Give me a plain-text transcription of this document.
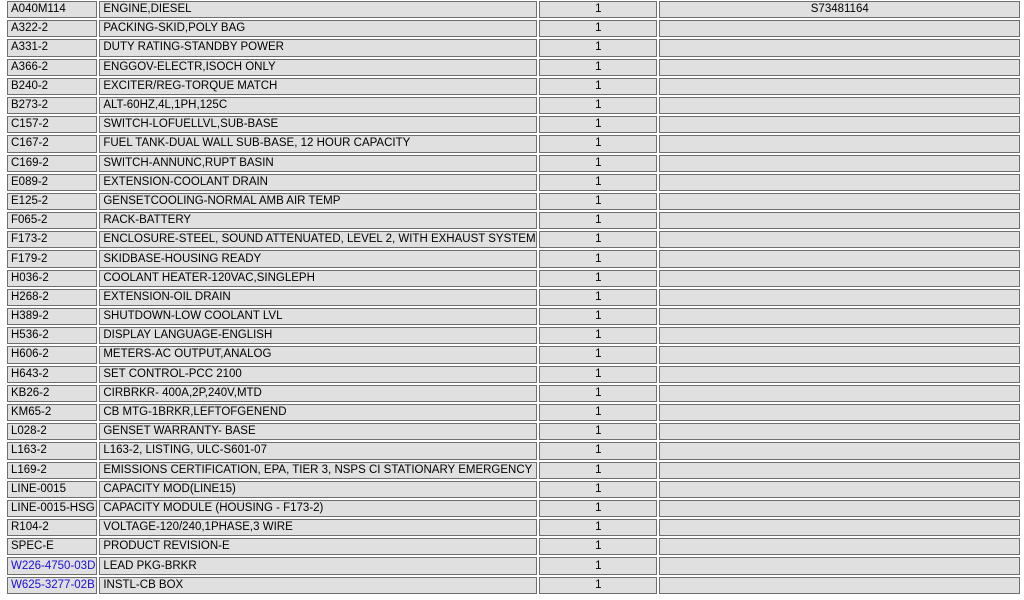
A040M114	ENGINE,DIESEL	1	S73481164
A322-2	PACKING-SKID,POLY BAG	1	
A331-2	DUTY RATING-STANDBY POWER	1	
A366-2	ENGGOV-ELECTR,ISOCH ONLY	1	
B240-2	EXCITER/REG-TORQUE MATCH	1	
B273-2	ALT-60HZ,4L,1PH,125C	1	
C157-2	SWITCH-LOFUELLVL,SUB-BASE	1	
C167-2	FUEL TANK-DUAL WALL SUB-BASE, 12 HOUR CAPACITY	1	
C169-2	SWITCH-ANNUNC,RUPT BASIN	1	
E089-2	EXTENSION-COOLANT DRAIN	1	
E125-2	GENSETCOOLING-NORMAL AMB AIR TEMP	1	
F065-2	RACK-BATTERY	1	
F173-2	ENCLOSURE-STEEL, SOUND ATTENUATED, LEVEL 2, WITH EXHAUST SYSTEM	1	
F179-2	SKIDBASE-HOUSING READY	1	
H036-2	COOLANT HEATER-120VAC,SINGLEPH	1	
H268-2	EXTENSION-OIL DRAIN	1	
H389-2	SHUTDOWN-LOW COOLANT LVL	1	
H536-2	DISPLAY LANGUAGE-ENGLISH	1	
H606-2	METERS-AC OUTPUT,ANALOG	1	
H643-2	SET CONTROL-PCC 2100	1	
KB26-2	CIRBRKR- 400A,2P,240V,MTD	1	
KM65-2	CB MTG-1BRKR,LEFTOFGENEND	1	
L028-2	GENSET WARRANTY- BASE	1	
L163-2	L163-2, LISTING, ULC-S601-07	1	
L169-2	EMISSIONS CERTIFICATION, EPA, TIER 3, NSPS CI STATIONARY EMERGENCY	1	
LINE-0015	CAPACITY MOD(LINE15)	1	
LINE-0015-HSG	CAPACITY MODULE (HOUSING - F173-2)	1	
R104-2	VOLTAGE-120/240,1PHASE,3 WIRE	1	
SPEC-E	PRODUCT REVISION-E	1	
W226-4750-03D	LEAD PKG-BRKR	1	
W625-3277-02B	INSTL-CB BOX	1	
